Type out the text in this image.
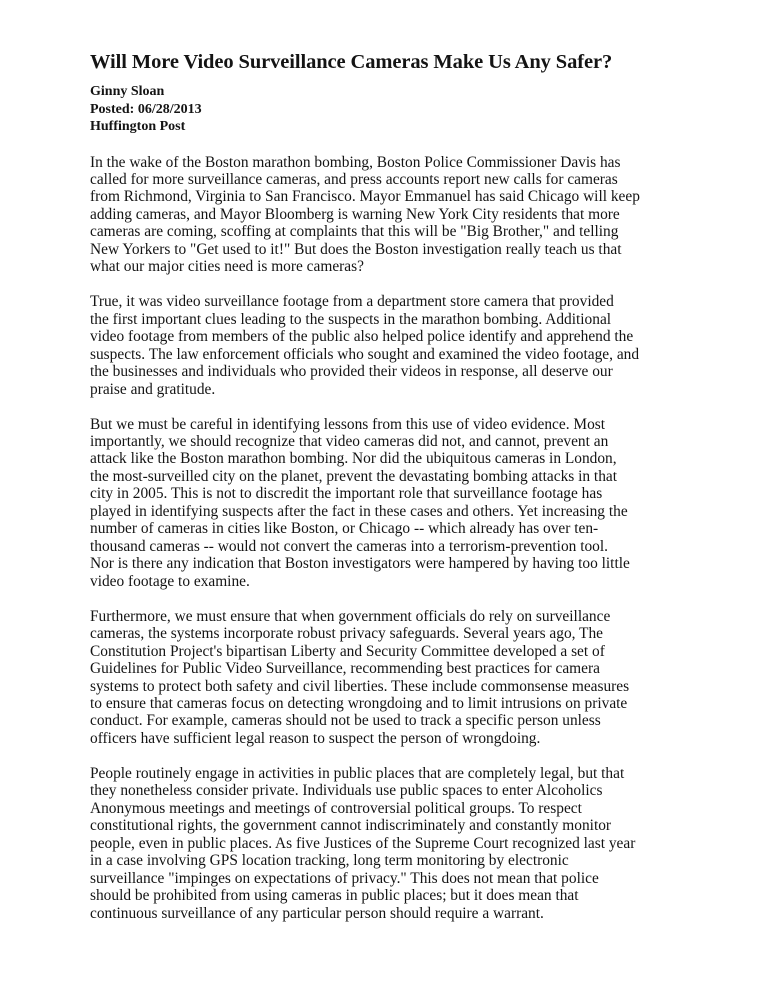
Will More Video Surveillance Cameras Make Us Any Safer?
Ginny Sloan
Posted: 06/28/2013
Huffington Post
In the wake of the Boston marathon bombing, Boston Police Commissioner Davis has
called for more surveillance cameras, and press accounts report new calls for cameras
from Richmond, Virginia to San Francisco. Mayor Emmanuel has said Chicago will keep
adding cameras, and Mayor Bloomberg is warning New York City residents that more
cameras are coming, scoffing at complaints that this will be "Big Brother," and telling
New Yorkers to "Get used to it!" But does the Boston investigation really teach us that
what our major cities need is more cameras?
True, it was video surveillance footage from a department store camera that provided
the first important clues leading to the suspects in the marathon bombing. Additional
video footage from members of the public also helped police identify and apprehend the
suspects. The law enforcement officials who sought and examined the video footage, and
the businesses and individuals who provided their videos in response, all deserve our
praise and gratitude.
But we must be careful in identifying lessons from this use of video evidence. Most
importantly, we should recognize that video cameras did not, and cannot, prevent an
attack like the Boston marathon bombing. Nor did the ubiquitous cameras in London,
the most-surveilled city on the planet, prevent the devastating bombing attacks in that
city in 2005. This is not to discredit the important role that surveillance footage has
played in identifying suspects after the fact in these cases and others. Yet increasing the
number of cameras in cities like Boston, or Chicago -- which already has over ten-
thousand cameras -- would not convert the cameras into a terrorism-prevention tool.
Nor is there any indication that Boston investigators were hampered by having too little
video footage to examine.
Furthermore, we must ensure that when government officials do rely on surveillance
cameras, the systems incorporate robust privacy safeguards. Several years ago, The
Constitution Project's bipartisan Liberty and Security Committee developed a set of
Guidelines for Public Video Surveillance, recommending best practices for camera
systems to protect both safety and civil liberties. These include commonsense measures
to ensure that cameras focus on detecting wrongdoing and to limit intrusions on private
conduct. For example, cameras should not be used to track a specific person unless
officers have sufficient legal reason to suspect the person of wrongdoing.
People routinely engage in activities in public places that are completely legal, but that
they nonetheless consider private. Individuals use public spaces to enter Alcoholics
Anonymous meetings and meetings of controversial political groups. To respect
constitutional rights, the government cannot indiscriminately and constantly monitor
people, even in public places. As five Justices of the Supreme Court recognized last year
in a case involving GPS location tracking, long term monitoring by electronic
surveillance "impinges on expectations of privacy." This does not mean that police
should be prohibited from using cameras in public places; but it does mean that
continuous surveillance of any particular person should require a warrant.
